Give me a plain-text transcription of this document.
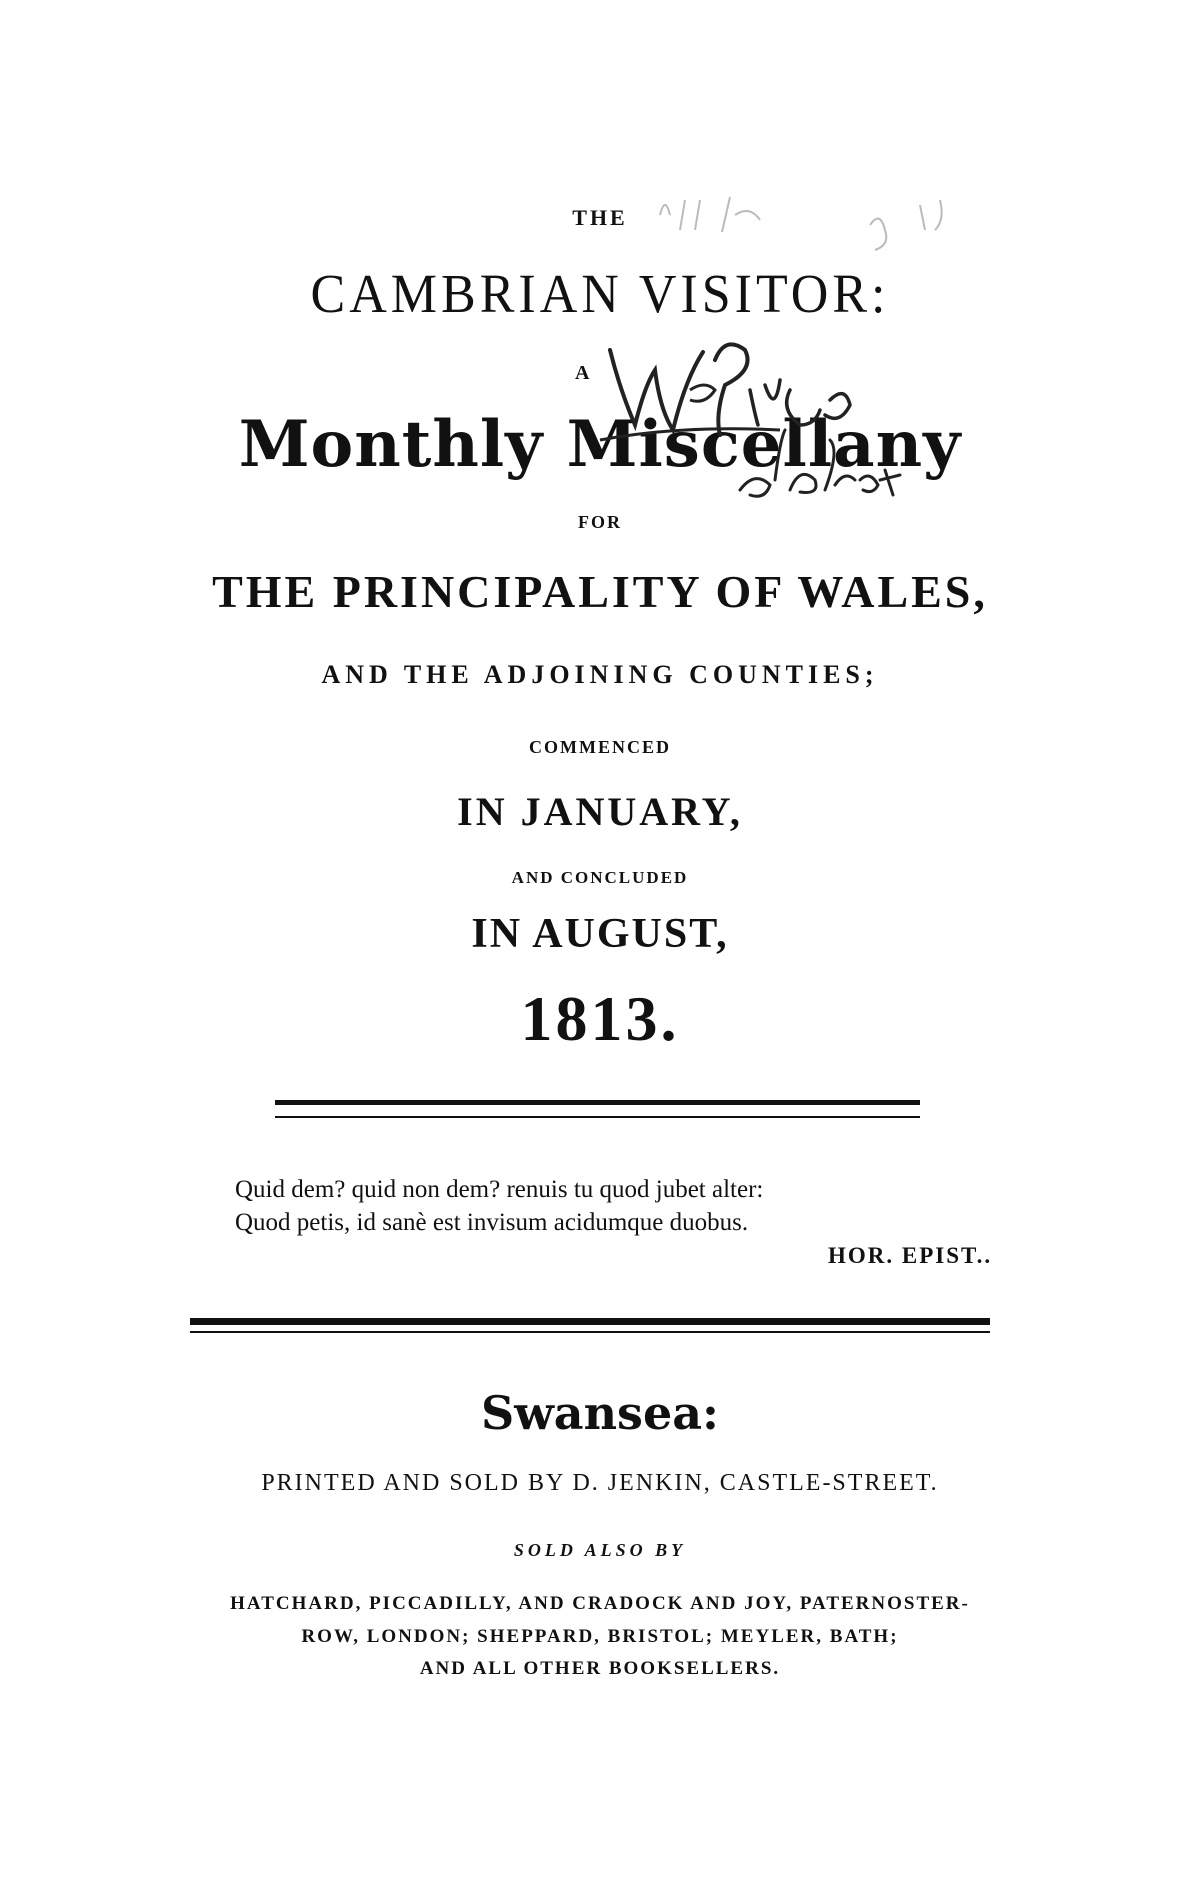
THE
CAMBRIAN VISITOR:
A
Monthly Miscellany
FOR
THE PRINCIPALITY OF WALES,
AND THE ADJOINING COUNTIES;
COMMENCED
IN JANUARY,
AND CONCLUDED
IN AUGUST,
1813.
Quid dem? quid non dem? renuis tu quod jubet alter:
Quod petis, id sanè est invisum acidumque duobus.
HOR. EPIST..
Swansea:
PRINTED AND SOLD BY D. JENKIN, CASTLE-STREET.
SOLD ALSO BY
HATCHARD, PICCADILLY, AND CRADOCK AND JOY, PATERNOSTER-
ROW, LONDON; SHEPPARD, BRISTOL; MEYLER, BATH;
AND ALL OTHER BOOKSELLERS.
